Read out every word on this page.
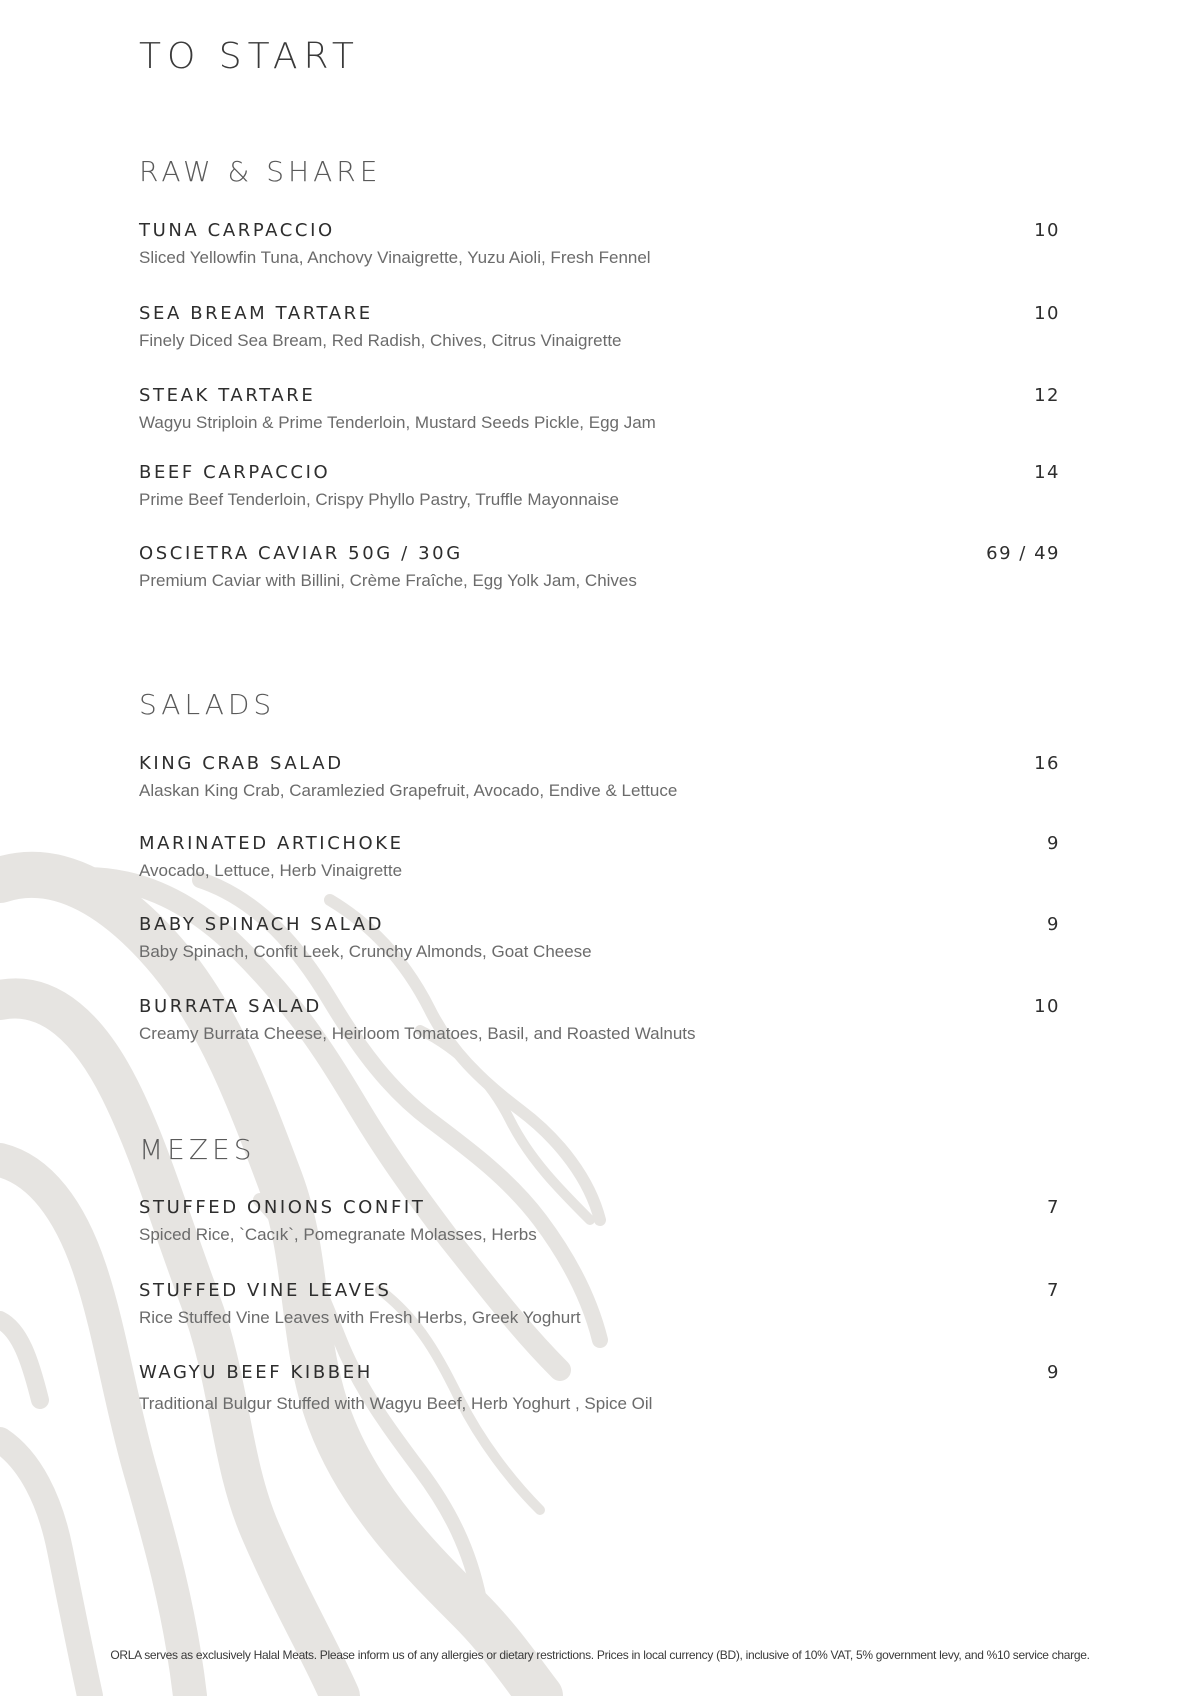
TO START
RAW & SHARE
TUNA CARPACCIO	10
Sliced Yellowfin Tuna, Anchovy Vinaigrette, Yuzu Aioli, Fresh Fennel
SEA BREAM TARTARE	10
Finely Diced Sea Bream, Red Radish, Chives, Citrus Vinaigrette
STEAK TARTARE	12
Wagyu Striploin & Prime Tenderloin, Mustard Seeds Pickle, Egg Jam
BEEF CARPACCIO	14
Prime Beef Tenderloin, Crispy Phyllo Pastry, Truffle Mayonnaise
OSCIETRA CAVIAR 50G / 30G	69 / 49
Premium Caviar with Billini, Crème Fraîche, Egg Yolk Jam, Chives
SALADS
KING CRAB SALAD	16
Alaskan King Crab, Caramlezied Grapefruit, Avocado, Endive & Lettuce
MARINATED ARTICHOKE	9
Avocado, Lettuce, Herb Vinaigrette
BABY SPINACH SALAD	9
Baby Spinach, Confit Leek, Crunchy Almonds, Goat Cheese
BURRATA SALAD	10
Creamy Burrata Cheese, Heirloom Tomatoes, Basil, and Roasted Walnuts
MEZES
STUFFED ONIONS CONFIT	7
Spiced Rice, `Cacık`, Pomegranate Molasses, Herbs
STUFFED VINE LEAVES	7
Rice Stuffed Vine Leaves with Fresh Herbs, Greek Yoghurt
WAGYU BEEF KIBBEH	9
Traditional Bulgur Stuffed with Wagyu Beef, Herb Yoghurt , Spice Oil

ORLA serves as exclusively Halal Meats. Please inform us of any allergies or dietary restrictions. Prices in local currency (BD), inclusive of 10% VAT, 5% government levy, and %10 service charge.
